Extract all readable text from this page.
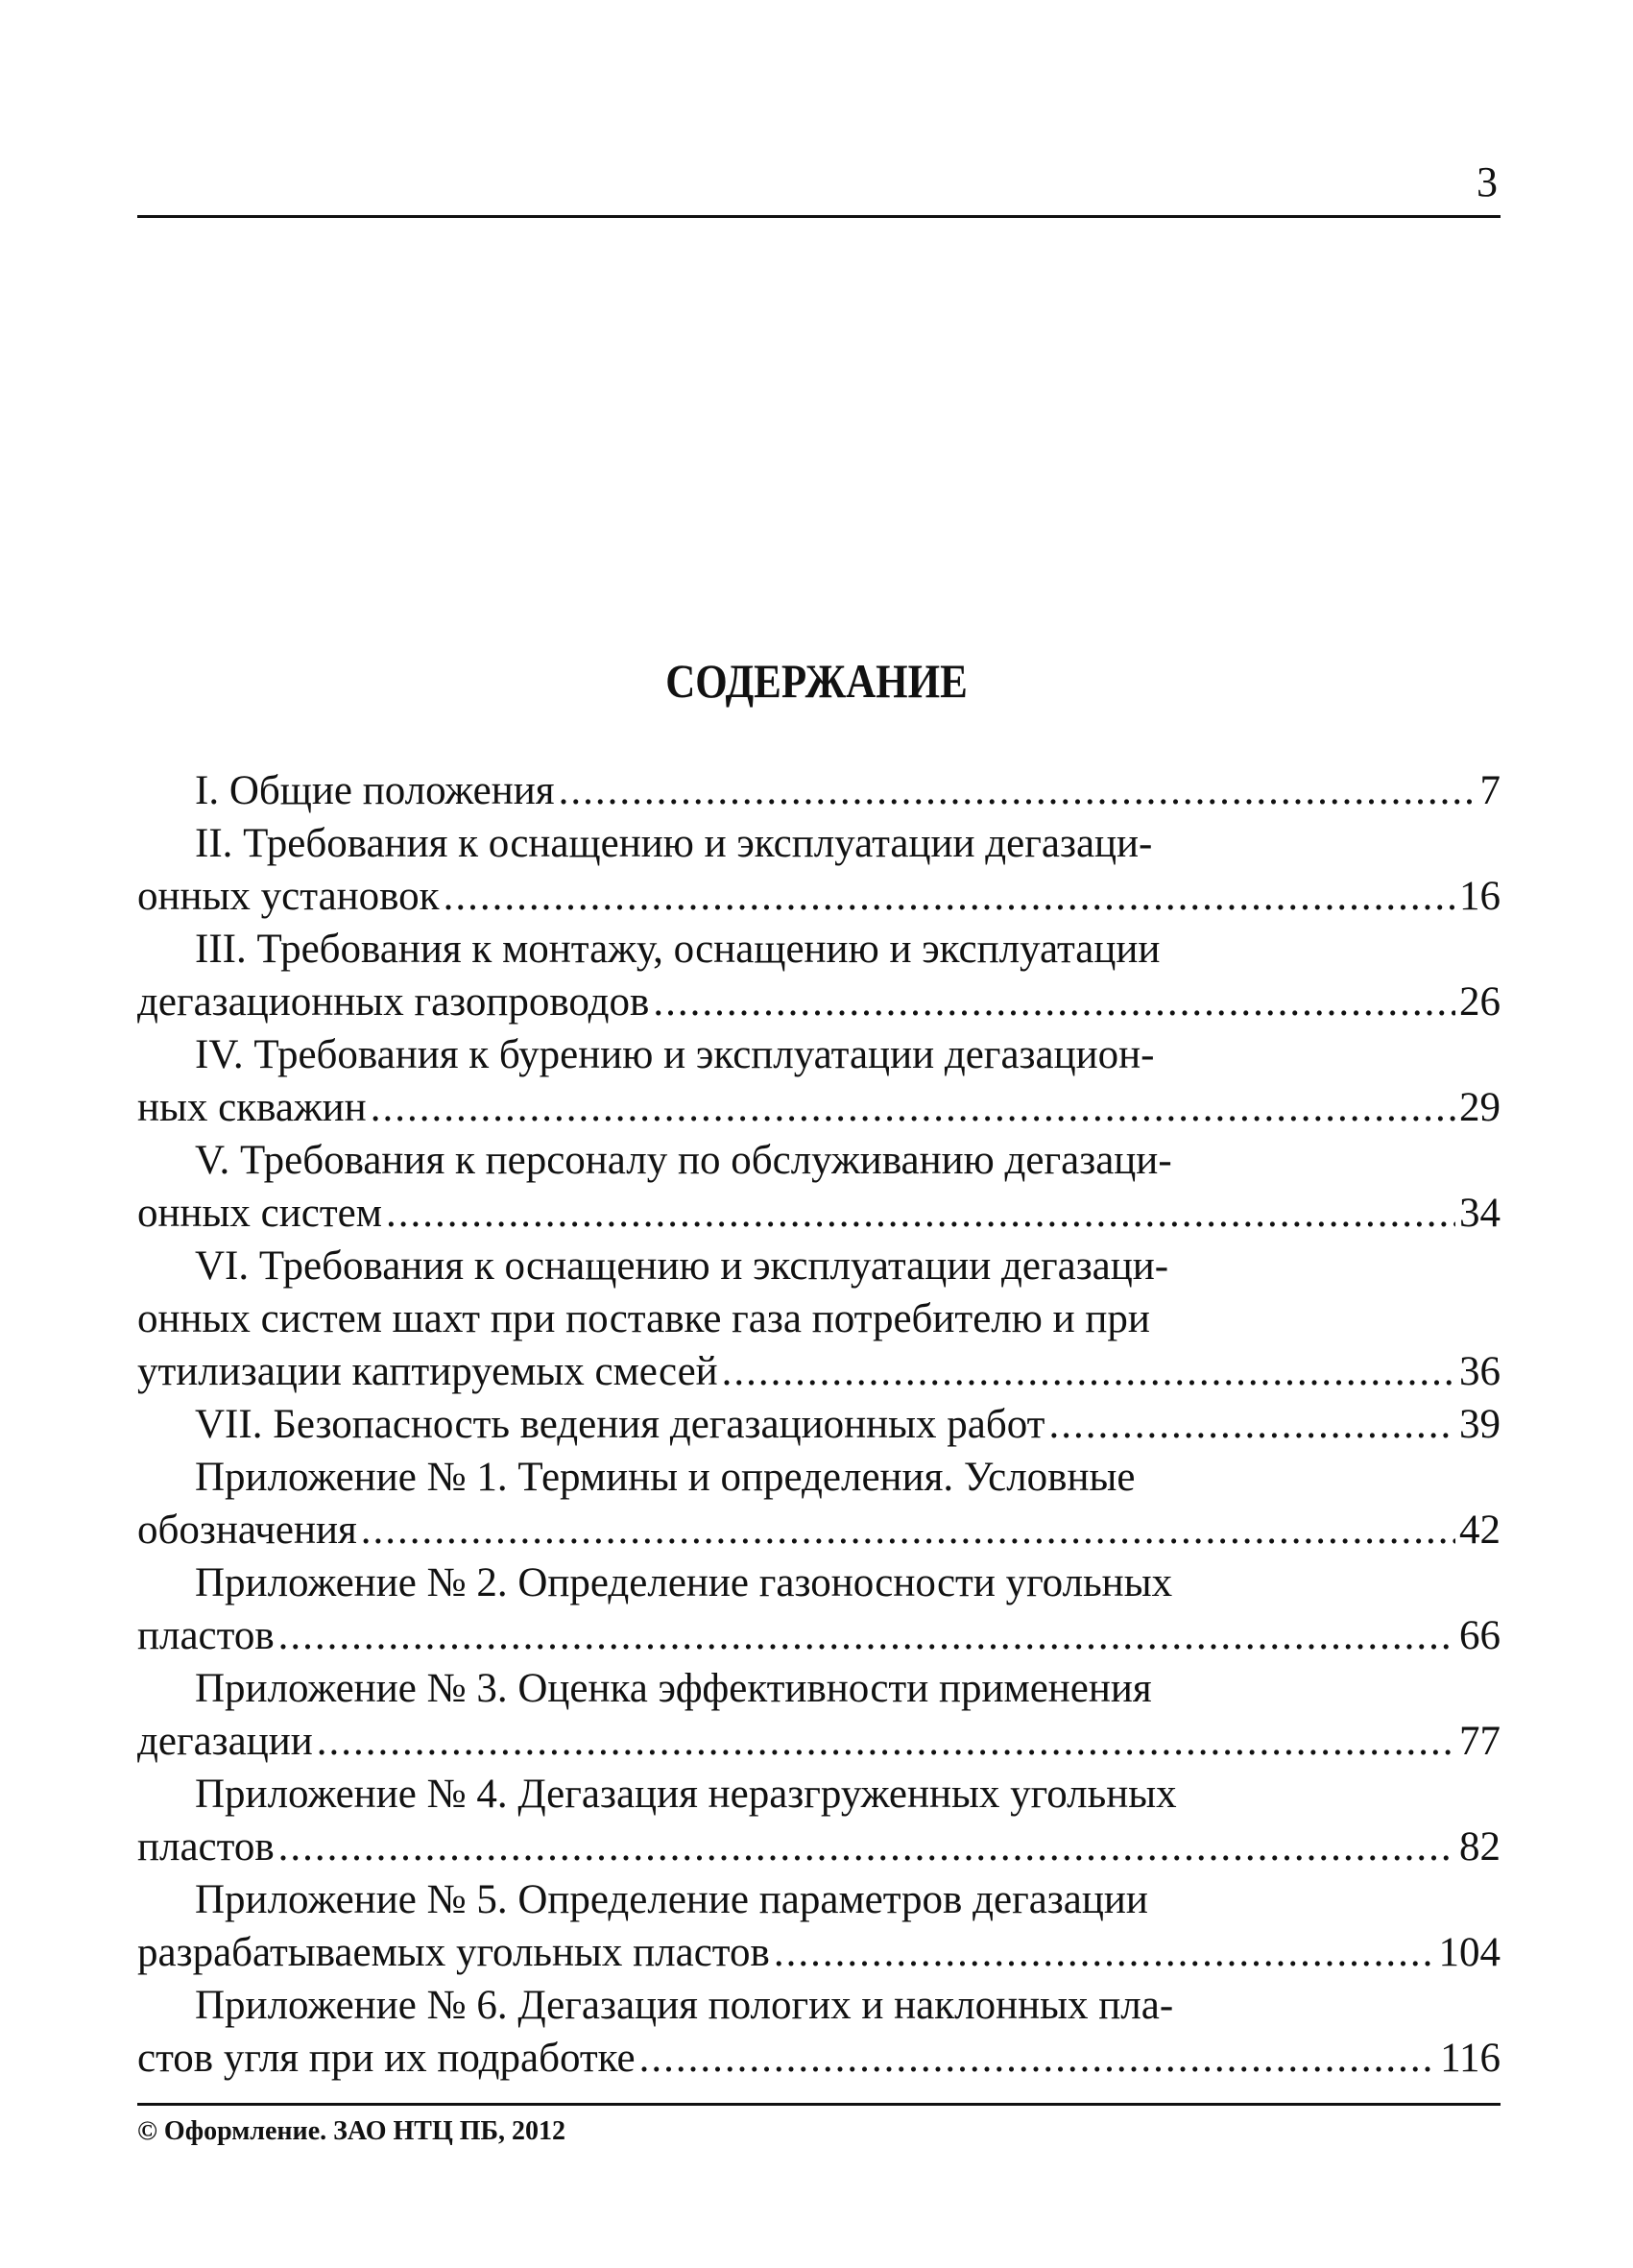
3
СОДЕРЖАНИЕ
I. Общие положения .....	7
II. Требования к оснащению и эксплуатации дегазаци-
онных установок .....	16
III. Требования к монтажу, оснащению и эксплуатации
дегазационных газопроводов .....	26
IV. Требования к бурению и эксплуатации дегазацион-
ных скважин .....	29
V. Требования к персоналу по обслуживанию дегазаци-
онных систем .....	34
VI. Требования к оснащению и эксплуатации дегазаци-
онных систем шахт при поставке газа потребителю и при
утилизации каптируемых смесей .....	36
VII. Безопасность ведения дегазационных работ .....	39
Приложение № 1. Термины и определения. Условные
обозначения .....	42
Приложение № 2. Определение газоносности угольных
пластов .....	66
Приложение № 3. Оценка эффективности применения
дегазации .....	77
Приложение № 4. Дегазация неразгруженных угольных
пластов .....	82
Приложение № 5. Определение параметров дегазации
разрабатываемых угольных пластов .....	104
Приложение № 6. Дегазация пологих и наклонных пла-
стов угля при их подработке .....	116
© Оформление. ЗАО НТЦ ПБ, 2012
